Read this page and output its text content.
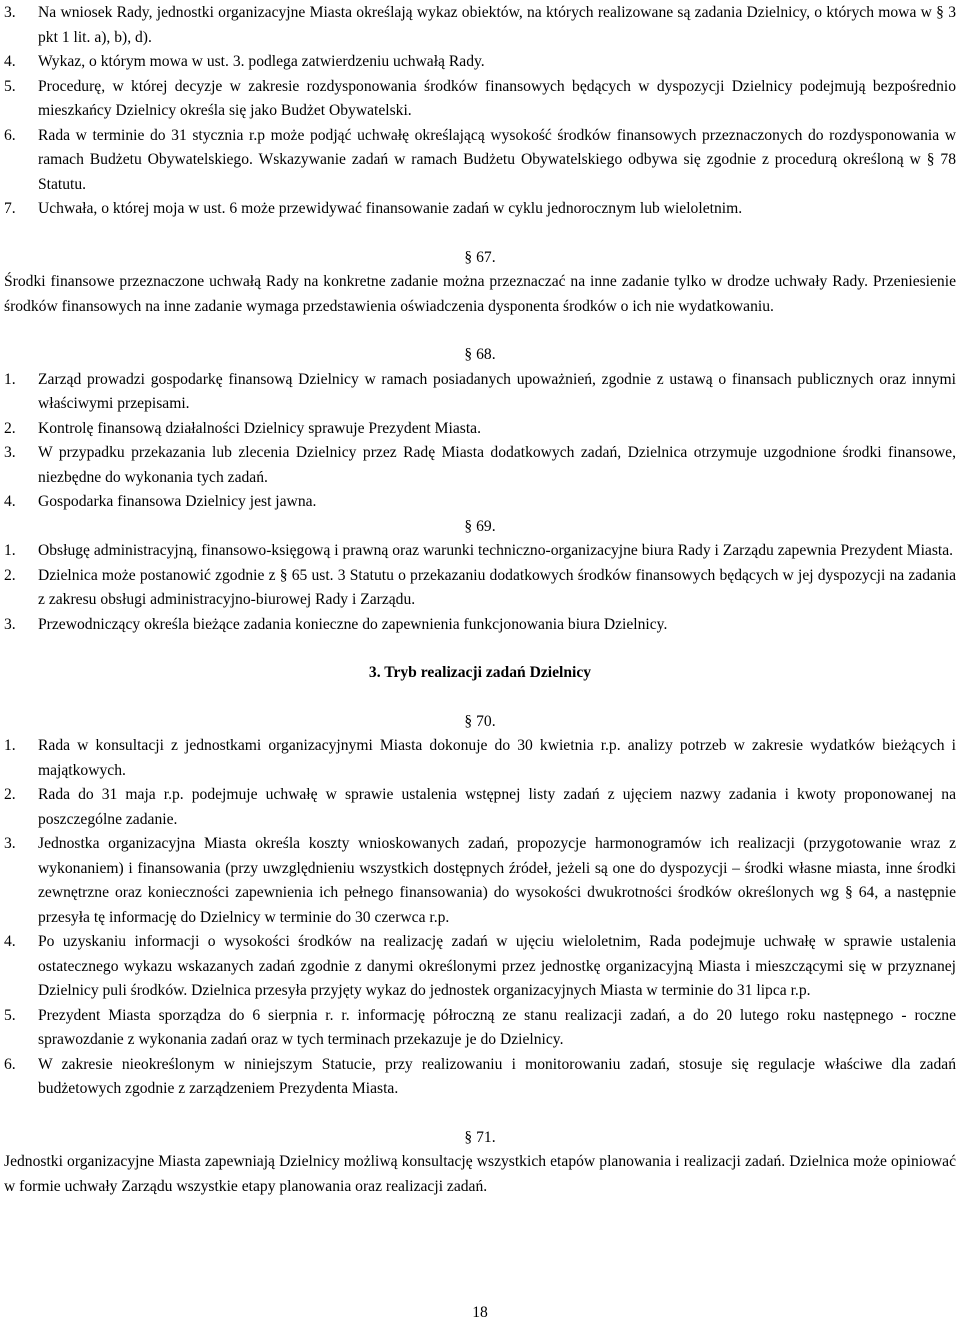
3.	Na wniosek Rady, jednostki organizacyjne Miasta określają wykaz obiektów, na których realizowane są zadania Dzielnicy, o których mowa w § 3 pkt 1 lit. a), b), d).
4.	Wykaz, o którym mowa w ust. 3. podlega zatwierdzeniu uchwałą Rady.
5.	Procedurę, w której decyzje w zakresie rozdysponowania środków finansowych będących w dyspozycji Dzielnicy podejmują bezpośrednio mieszkańcy Dzielnicy określa się jako Budżet Obywatelski.
6.	Rada w terminie do 31 stycznia r.p może podjąć uchwałę określającą wysokość środków finansowych przeznaczonych do rozdysponowania w ramach Budżetu Obywatelskiego. Wskazywanie zadań w ramach Budżetu Obywatelskiego odbywa się zgodnie z procedurą określoną w § 78 Statutu.
7.	Uchwała, o której moja w ust. 6 może przewidywać finansowanie zadań w cyklu jednorocznym lub wieloletnim.

§ 67.

Środki finansowe przeznaczone uchwałą Rady na konkretne zadanie można przeznaczać na inne zadanie tylko w drodze uchwały Rady. Przeniesienie środków finansowych na inne zadanie wymaga przedstawienia oświadczenia dysponenta środków o ich nie wydatkowaniu.

§ 68.

1.	Zarząd prowadzi gospodarkę finansową Dzielnicy w ramach posiadanych upoważnień, zgodnie z ustawą o finansach publicznych oraz innymi właściwymi przepisami.
2.	Kontrolę finansową działalności Dzielnicy sprawuje Prezydent Miasta.
3.	W przypadku przekazania lub zlecenia Dzielnicy przez Radę Miasta dodatkowych zadań, Dzielnica otrzymuje uzgodnione środki finansowe, niezbędne do wykonania tych zadań.
4.	Gospodarka finansowa Dzielnicy jest jawna.

§ 69.

1.	Obsługę administracyjną, finansowo-księgową i prawną oraz warunki techniczno-organizacyjne biura Rady i Zarządu zapewnia Prezydent Miasta.
2.	Dzielnica może postanowić zgodnie z § 65 ust. 3 Statutu o przekazaniu dodatkowych środków finansowych będących w jej dyspozycji na zadania z zakresu obsługi administracyjno-biurowej Rady i Zarządu.
3.	Przewodniczący określa bieżące zadania konieczne do zapewnienia funkcjonowania biura Dzielnicy.

3. Tryb realizacji zadań Dzielnicy

§ 70.

1.	Rada w konsultacji z jednostkami organizacyjnymi Miasta dokonuje do 30 kwietnia r.p. analizy potrzeb w zakresie wydatków bieżących i majątkowych.
2.	Rada do 31 maja r.p. podejmuje uchwałę w sprawie ustalenia wstępnej listy zadań z ujęciem nazwy zadania i kwoty proponowanej na poszczególne zadanie.
3.	Jednostka organizacyjna Miasta określa koszty wnioskowanych zadań, propozycje harmonogramów ich realizacji (przygotowanie wraz z wykonaniem) i finansowania (przy uwzględnieniu wszystkich dostępnych źródeł, jeżeli są one do dyspozycji – środki własne miasta, inne środki zewnętrzne oraz konieczności zapewnienia ich pełnego finansowania) do wysokości dwukrotności środków określonych wg § 64, a następnie przesyła tę informację do Dzielnicy w terminie do 30 czerwca r.p.
4.	Po uzyskaniu informacji o wysokości środków na realizację zadań w ujęciu wieloletnim, Rada podejmuje uchwałę w sprawie ustalenia ostatecznego wykazu wskazanych zadań zgodnie z danymi określonymi przez jednostkę organizacyjną Miasta i mieszczącymi się w przyznanej Dzielnicy puli środków. Dzielnica przesyła przyjęty wykaz do jednostek organizacyjnych Miasta w terminie do 31 lipca r.p.
5.	Prezydent Miasta sporządza do 6 sierpnia r. r. informację półroczną ze stanu realizacji zadań, a do 20 lutego roku następnego - roczne sprawozdanie z wykonania zadań oraz w tych terminach przekazuje je do Dzielnicy.
6.	W zakresie nieokreślonym w niniejszym Statucie, przy realizowaniu i monitorowaniu zadań, stosuje się regulacje właściwe dla zadań budżetowych zgodnie z zarządzeniem Prezydenta Miasta.

§ 71.

Jednostki organizacyjne Miasta zapewniają Dzielnicy możliwą konsultację wszystkich etapów planowania i realizacji zadań. Dzielnica może opiniować w formie uchwały Zarządu wszystkie etapy planowania oraz realizacji zadań.

18
